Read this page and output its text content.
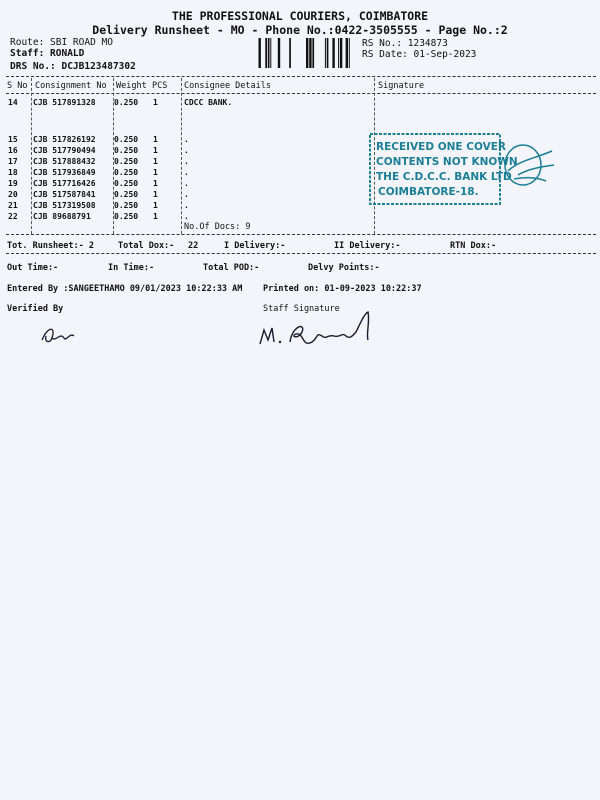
THE PROFESSIONAL COURIERS, COIMBATORE
Delivery Runsheet - MO - Phone No.:0422-3505555 - Page No.:2
Route: SBI ROAD MO
Staff: RONALD
DRS No.: DCJB123487302
RS No.: 1234873
RS Date: 01-Sep-2023
S No Consignment No Weight PCS Consignee Details	Signature
14 CJB 517891328 0.250 1	CDCC BANK.
15 CJB 517826192 0.250 1	.
16 CJB 517790494 0.250 1	.
17 CJB 517888432 0.250 1	.
18 CJB 517936849 0.250 1	.
19 CJB 517716426 0.250 1	.
20 CJB 517587841 0.250 1	.
21 CJB 517319508 0.250 1	.
22 CJB 89688791	0.250 1	.
No.Of Docs: 9
Tot. Runsheet:- 2	Total Dox:- 22	I Delivery:-	II Delivery:-	RTN Dox:-
Out Time:-	In Time:-	Total POD:-	Delvy Points:-
Entered By :SANGEETHAMO 09/01/2023 10:22:33 AM Printed on: 01-09-2023 10:22:37
Verified By	Staff Signature
RECEIVED ONE COVER
CONTENTS NOT KNOWN
THE C.D.C.C. BANK LTD
COIMBATORE-18.
